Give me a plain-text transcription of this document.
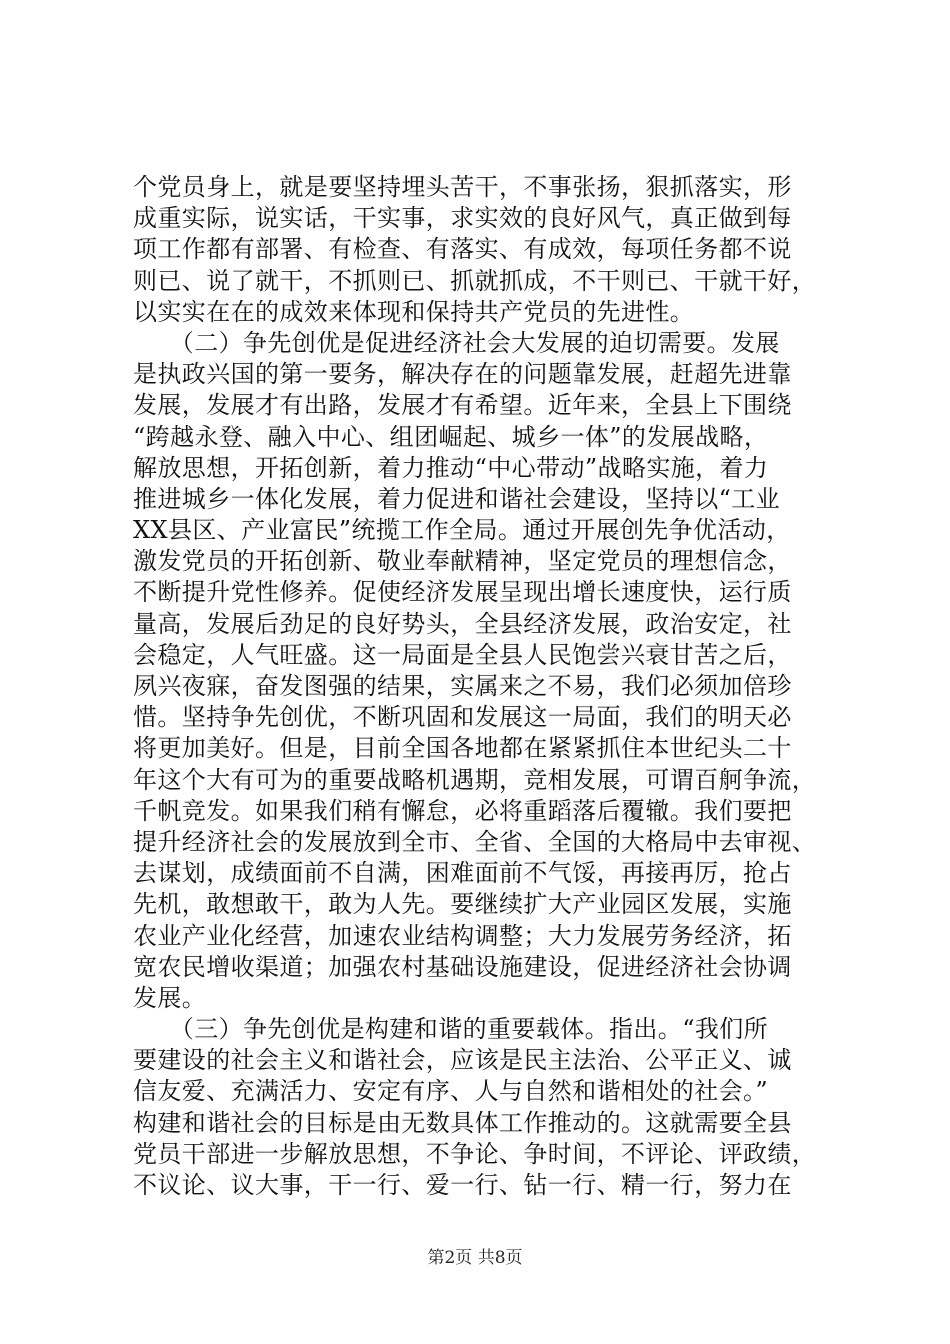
个党员身上，就是要坚持埋头苦干，不事张扬，狠抓落实，形
成重实际，说实话，干实事，求实效的良好风气，真正做到每
项工作都有部署、有检查、有落实、有成效，每项任务都不说
则已、说了就干，不抓则已、抓就抓成，不干则已、干就干好，
以实实在在的成效来体现和保持共产党员的先进性。
　　（二）争先创优是促进经济社会大发展的迫切需要。发展
是执政兴国的第一要务，解决存在的问题靠发展，赶超先进靠
发展，发展才有出路，发展才有希望。近年来，全县上下围绕
“跨越永登、融入中心、组团崛起、城乡一体”的发展战略，
解放思想，开拓创新，着力推动“中心带动”战略实施，着力
推进城乡一体化发展，着力促进和谐社会建设，坚持以“工业
XX县区、产业富民”统揽工作全局。通过开展创先争优活动，
激发党员的开拓创新、敬业奉献精神，坚定党员的理想信念，
不断提升党性修养。促使经济发展呈现出增长速度快，运行质
量高，发展后劲足的良好势头，全县经济发展，政治安定，社
会稳定，人气旺盛。这一局面是全县人民饱尝兴衰甘苦之后，
夙兴夜寐，奋发图强的结果，实属来之不易，我们必须加倍珍
惜。坚持争先创优，不断巩固和发展这一局面，我们的明天必
将更加美好。但是，目前全国各地都在紧紧抓住本世纪头二十
年这个大有可为的重要战略机遇期，竞相发展，可谓百舸争流，
千帆竞发。如果我们稍有懈怠，必将重蹈落后覆辙。我们要把
提升经济社会的发展放到全市、全省、全国的大格局中去审视、
去谋划，成绩面前不自满，困难面前不气馁，再接再厉，抢占
先机，敢想敢干，敢为人先。要继续扩大产业园区发展，实施
农业产业化经营，加速农业结构调整；大力发展劳务经济，拓
宽农民增收渠道；加强农村基础设施建设，促进经济社会协调
发展。
　　（三）争先创优是构建和谐的重要载体。指出。“我们所
要建设的社会主义和谐社会，应该是民主法治、公平正义、诚
信友爱、充满活力、安定有序、人与自然和谐相处的社会。”
构建和谐社会的目标是由无数具体工作推动的。这就需要全县
党员干部进一步解放思想，不争论、争时间，不评论、评政绩，
不议论、议大事，干一行、爱一行、钻一行、精一行，努力在
第2页 共8页
